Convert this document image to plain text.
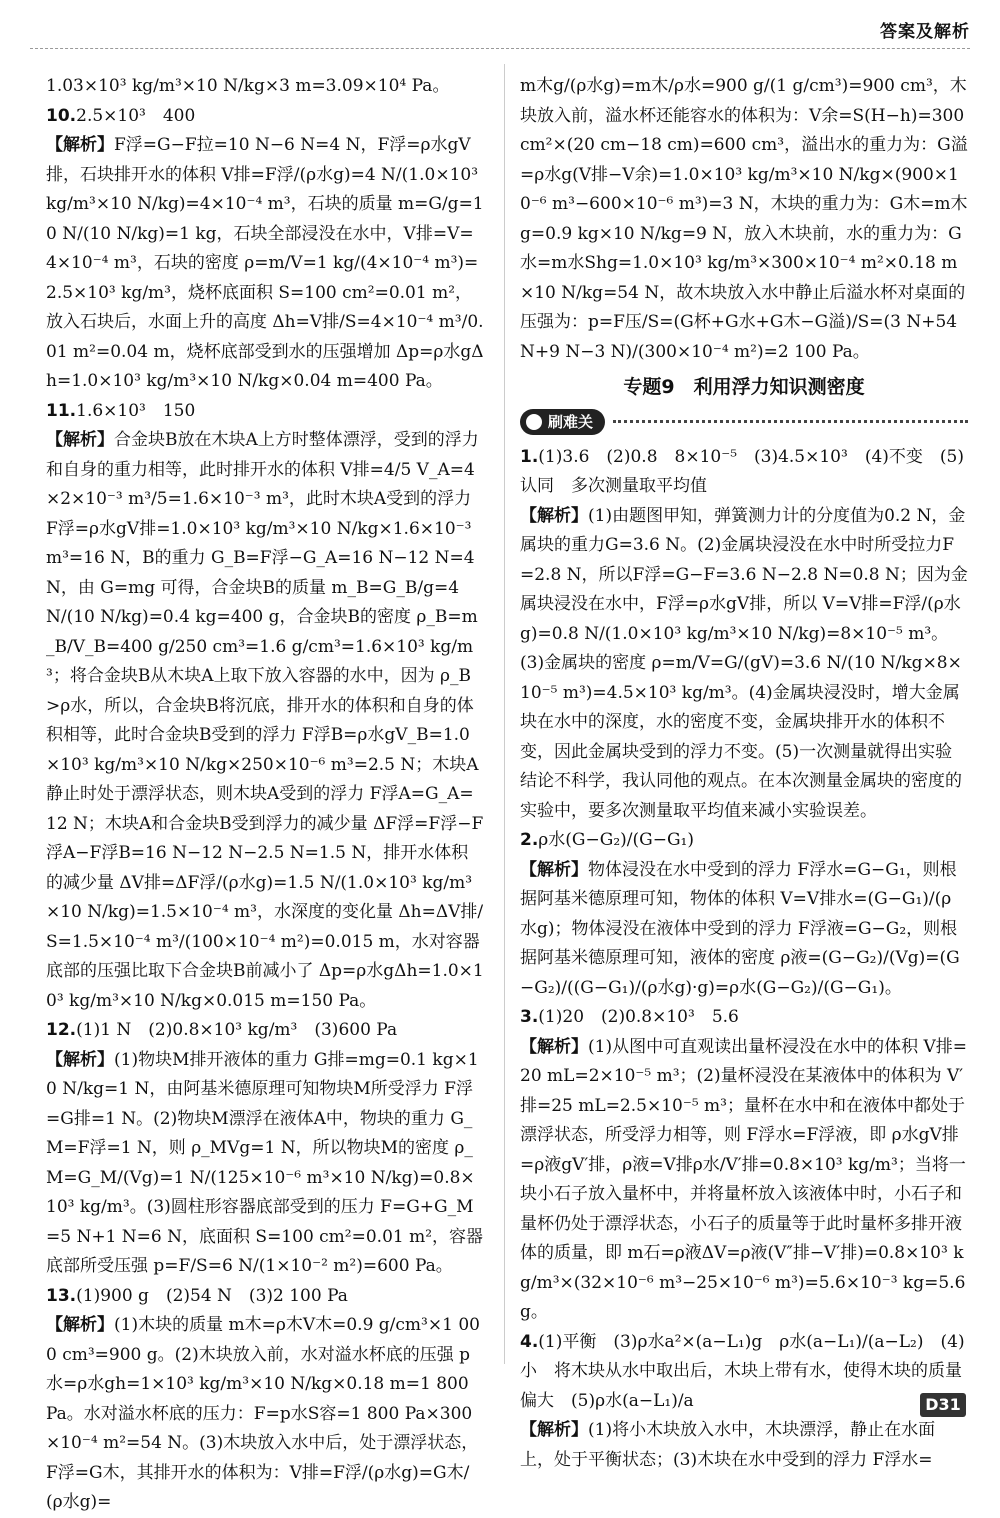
答案及解析
1.03×10³ kg/m³×10 N/kg×3 m=3.09×10⁴ Pa。
10.2.5×10³　400
【解析】F浮=G−F拉=10 N−6 N=4 N，F浮=ρ水gV排，石块排开水的体积 V排=F浮/(ρ水g)=4 N/(1.0×10³ kg/m³×10 N/kg)=4×10⁻⁴ m³，石块的质量 m=G/g=10 N/(10 N/kg)=1 kg，石块全部浸没在水中，V排=V=4×10⁻⁴ m³，石块的密度 ρ=m/V=1 kg/(4×10⁻⁴ m³)=2.5×10³ kg/m³，烧杯底面积 S=100 cm²=0.01 m²，放入石块后，水面上升的高度 Δh=V排/S=4×10⁻⁴ m³/0.01 m²=0.04 m，烧杯底部受到水的压强增加 Δp=ρ水gΔh=1.0×10³ kg/m³×10 N/kg×0.04 m=400 Pa。
11.1.6×10³　150
【解析】合金块B放在木块A上方时整体漂浮，受到的浮力和自身的重力相等，此时排开水的体积 V排=4/5 V_A=4×2×10⁻³ m³/5=1.6×10⁻³ m³，此时木块A受到的浮力 F浮=ρ水gV排=1.0×10³ kg/m³×10 N/kg×1.6×10⁻³ m³=16 N，B的重力 G_B=F浮−G_A=16 N−12 N=4 N，由 G=mg 可得，合金块B的质量 m_B=G_B/g=4 N/(10 N/kg)=0.4 kg=400 g，合金块B的密度 ρ_B=m_B/V_B=400 g/250 cm³=1.6 g/cm³=1.6×10³ kg/m³；将合金块B从木块A上取下放入容器的水中，因为 ρ_B>ρ水，所以，合金块B将沉底，排开水的体积和自身的体积相等，此时合金块B受到的浮力 F浮B=ρ水gV_B=1.0×10³ kg/m³×10 N/kg×250×10⁻⁶ m³=2.5 N；木块A静止时处于漂浮状态，则木块A受到的浮力 F浮A=G_A=12 N；木块A和合金块B受到浮力的减少量 ΔF浮=F浮−F浮A−F浮B=16 N−12 N−2.5 N=1.5 N，排开水体积的减少量 ΔV排=ΔF浮/(ρ水g)=1.5 N/(1.0×10³ kg/m³×10 N/kg)=1.5×10⁻⁴ m³，水深度的变化量 Δh=ΔV排/S=1.5×10⁻⁴ m³/(100×10⁻⁴ m²)=0.015 m，水对容器底部的压强比取下合金块B前减小了 Δp=ρ水gΔh=1.0×10³ kg/m³×10 N/kg×0.015 m=150 Pa。
12.(1)1 N　(2)0.8×10³ kg/m³　(3)600 Pa
【解析】(1)物块M排开液体的重力 G排=mg=0.1 kg×10 N/kg=1 N，由阿基米德原理可知物块M所受浮力 F浮=G排=1 N。(2)物块M漂浮在液体A中，物块的重力 G_M=F浮=1 N，则 ρ_MVg=1 N，所以物块M的密度 ρ_M=G_M/(Vg)=1 N/(125×10⁻⁶ m³×10 N/kg)=0.8×10³ kg/m³。(3)圆柱形容器底部受到的压力 F=G+G_M=5 N+1 N=6 N，底面积 S=100 cm²=0.01 m²，容器底部所受压强 p=F/S=6 N/(1×10⁻² m²)=600 Pa。
13.(1)900 g　(2)54 N　(3)2 100 Pa
【解析】(1)木块的质量 m木=ρ木V木=0.9 g/cm³×1 000 cm³=900 g。(2)木块放入前，水对溢水杯底的压强 p水=ρ水gh=1×10³ kg/m³×10 N/kg×0.18 m=1 800 Pa。水对溢水杯底的压力：F=p水S容=1 800 Pa×300×10⁻⁴ m²=54 N。(3)木块放入水中后，处于漂浮状态，F浮=G木，其排开水的体积为：V排=F浮/(ρ水g)=G木/(ρ水g)=
m木g/(ρ水g)=m木/ρ水=900 g/(1 g/cm³)=900 cm³，木块放入前，溢水杯还能容水的体积为：V余=S(H−h)=300 cm²×(20 cm−18 cm)=600 cm³，溢出水的重力为：G溢=ρ水g(V排−V余)=1.0×10³ kg/m³×10 N/kg×(900×10⁻⁶ m³−600×10⁻⁶ m³)=3 N，木块的重力为：G木=m木g=0.9 kg×10 N/kg=9 N，放入木块前，水的重力为：G水=m水Shg=1.0×10³ kg/m³×300×10⁻⁴ m²×0.18 m×10 N/kg=54 N，故木块放入水中静止后溢水杯对桌面的压强为：p=F压/S=(G杯+G水+G木−G溢)/S=(3 N+54 N+9 N−3 N)/(300×10⁻⁴ m²)=2 100 Pa。
专题9　利用浮力知识测密度
刷难关
1.(1)3.6　(2)0.8　8×10⁻⁵　(3)4.5×10³　(4)不变　(5)认同　多次测量取平均值
【解析】(1)由题图甲知，弹簧测力计的分度值为0.2 N，金属块的重力G=3.6 N。(2)金属块浸没在水中时所受拉力F=2.8 N，所以F浮=G−F=3.6 N−2.8 N=0.8 N；因为金属块浸没在水中，F浮=ρ水gV排，所以 V=V排=F浮/(ρ水g)=0.8 N/(1.0×10³ kg/m³×10 N/kg)=8×10⁻⁵ m³。(3)金属块的密度 ρ=m/V=G/(gV)=3.6 N/(10 N/kg×8×10⁻⁵ m³)=4.5×10³ kg/m³。(4)金属块浸没时，增大金属块在水中的深度，水的密度不变，金属块排开水的体积不变，因此金属块受到的浮力不变。(5)一次测量就得出实验结论不科学，我认同他的观点。在本次测量金属块的密度的实验中，要多次测量取平均值来减小实验误差。
2.ρ水(G−G₂)/(G−G₁)
【解析】物体浸没在水中受到的浮力 F浮水=G−G₁，则根据阿基米德原理可知，物体的体积 V=V排水=(G−G₁)/(ρ水g)；物体浸没在液体中受到的浮力 F浮液=G−G₂，则根据阿基米德原理可知，液体的密度 ρ液=(G−G₂)/(Vg)=(G−G₂)/((G−G₁)/(ρ水g)·g)=ρ水(G−G₂)/(G−G₁)。
3.(1)20　(2)0.8×10³　5.6
【解析】(1)从图中可直观读出量杯浸没在水中的体积 V排=20 mL=2×10⁻⁵ m³；(2)量杯浸没在某液体中的体积为 V′排=25 mL=2.5×10⁻⁵ m³；量杯在水中和在液体中都处于漂浮状态，所受浮力相等，则 F浮水=F浮液，即 ρ水gV排=ρ液gV′排，ρ液=V排ρ水/V′排=0.8×10³ kg/m³；当将一块小石子放入量杯中，并将量杯放入该液体中时，小石子和量杯仍处于漂浮状态，小石子的质量等于此时量杯多排开液体的质量，即 m石=ρ液ΔV=ρ液(V″排−V′排)=0.8×10³ kg/m³×(32×10⁻⁶ m³−25×10⁻⁶ m³)=5.6×10⁻³ kg=5.6 g。
4.(1)平衡　(3)ρ水a²×(a−L₁)g　ρ水(a−L₁)/(a−L₂)　(4)小　将木块从水中取出后，木块上带有水，使得木块的质量偏大　(5)ρ水(a−L₁)/a
【解析】(1)将小木块放入水中，木块漂浮，静止在水面上，处于平衡状态；(3)木块在水中受到的浮力 F浮水=
D31
